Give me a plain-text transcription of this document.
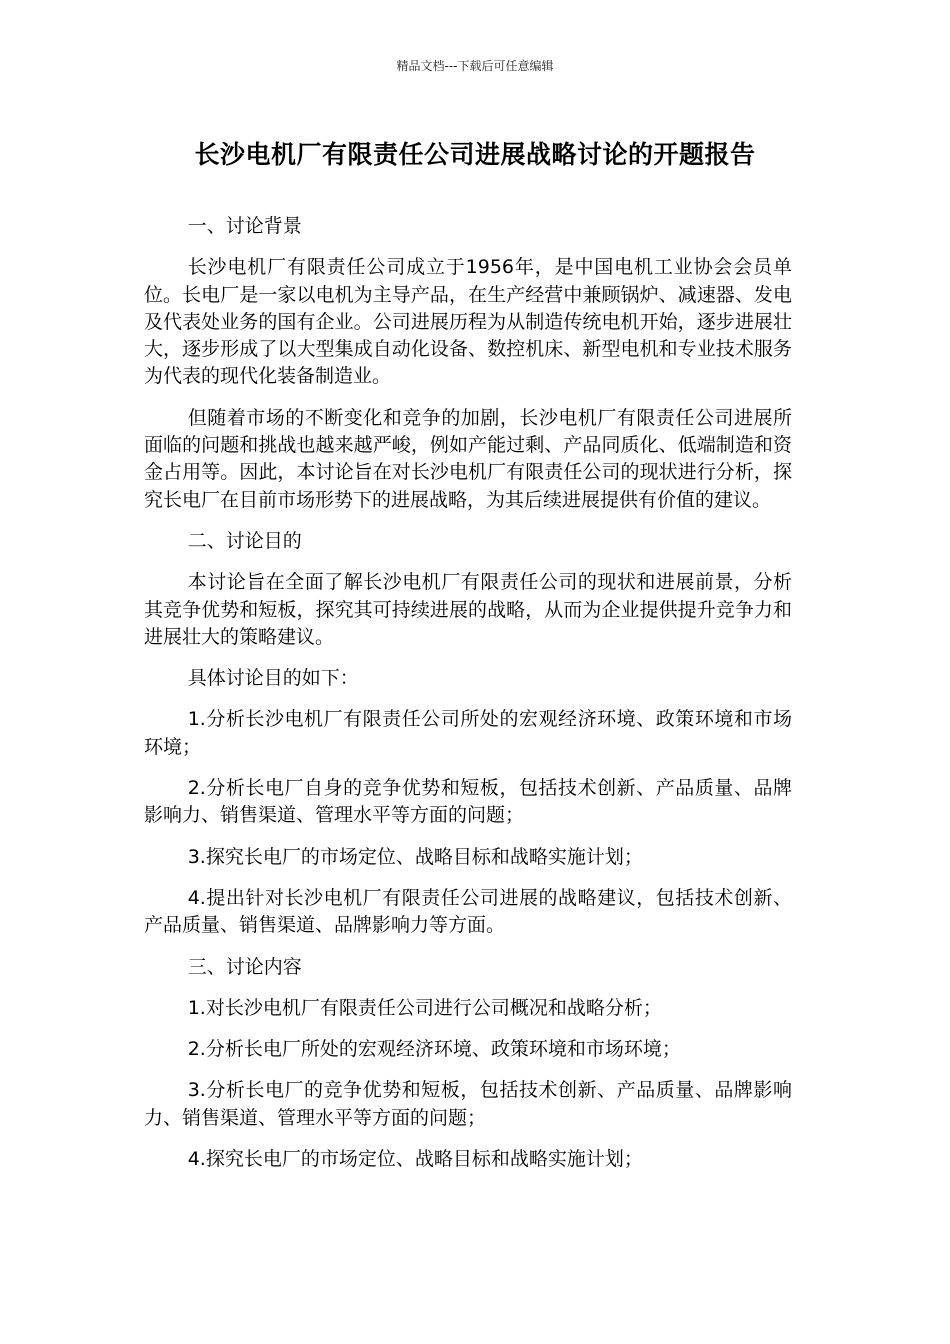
精品文档---下载后可任意编辑
长沙电机厂有限责任公司进展战略讨论的开题报告

一、讨论背景

长沙电机厂有限责任公司成立于1956年，是中国电机工业协会会员单位。长电厂是一家以电机为主导产品，在生产经营中兼顾锅炉、减速器、发电及代表处业务的国有企业。公司进展历程为从制造传统电机开始，逐步进展壮大，逐步形成了以大型集成自动化设备、数控机床、新型电机和专业技术服务为代表的现代化装备制造业。

但随着市场的不断变化和竞争的加剧，长沙电机厂有限责任公司进展所面临的问题和挑战也越来越严峻，例如产能过剩、产品同质化、低端制造和资金占用等。因此，本讨论旨在对长沙电机厂有限责任公司的现状进行分析，探究长电厂在目前市场形势下的进展战略，为其后续进展提供有价值的建议。

二、讨论目的

本讨论旨在全面了解长沙电机厂有限责任公司的现状和进展前景，分析其竞争优势和短板，探究其可持续进展的战略，从而为企业提供提升竞争力和进展壮大的策略建议。

具体讨论目的如下：

1.分析长沙电机厂有限责任公司所处的宏观经济环境、政策环境和市场环境；

2.分析长电厂自身的竞争优势和短板，包括技术创新、产品质量、品牌影响力、销售渠道、管理水平等方面的问题；

3.探究长电厂的市场定位、战略目标和战略实施计划；

4.提出针对长沙电机厂有限责任公司进展的战略建议，包括技术创新、产品质量、销售渠道、品牌影响力等方面。

三、讨论内容

1.对长沙电机厂有限责任公司进行公司概况和战略分析；

2.分析长电厂所处的宏观经济环境、政策环境和市场环境；

3.分析长电厂的竞争优势和短板，包括技术创新、产品质量、品牌影响力、销售渠道、管理水平等方面的问题；

4.探究长电厂的市场定位、战略目标和战略实施计划；
